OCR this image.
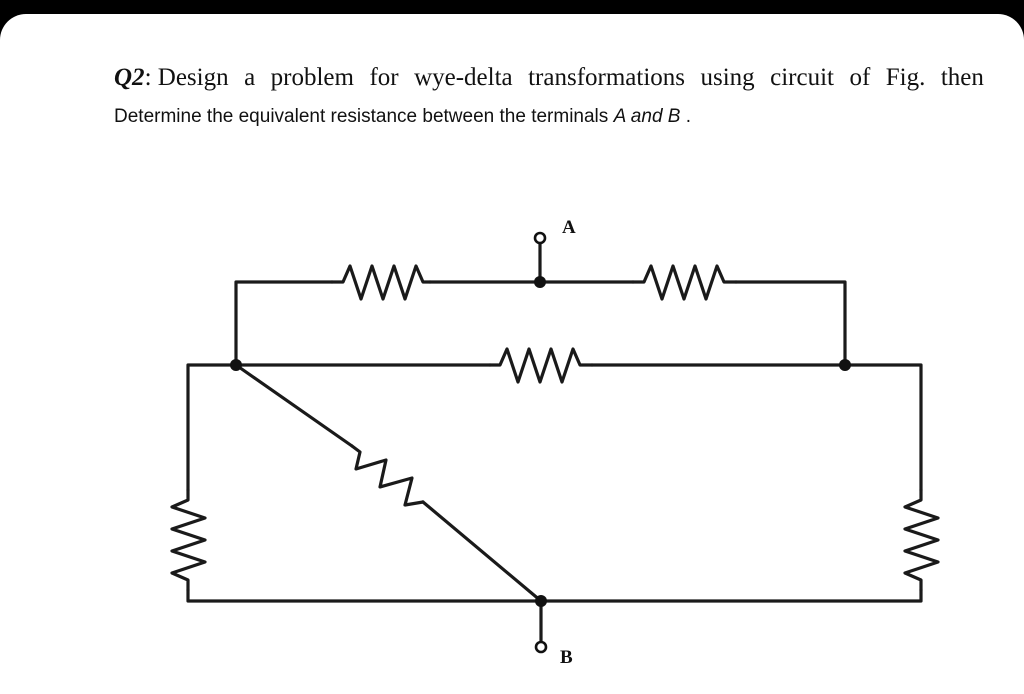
Q2: Design a problem for wye-delta transformations using circuit of Fig. then
Determine the equivalent resistance between the terminals A and B .
A
B
